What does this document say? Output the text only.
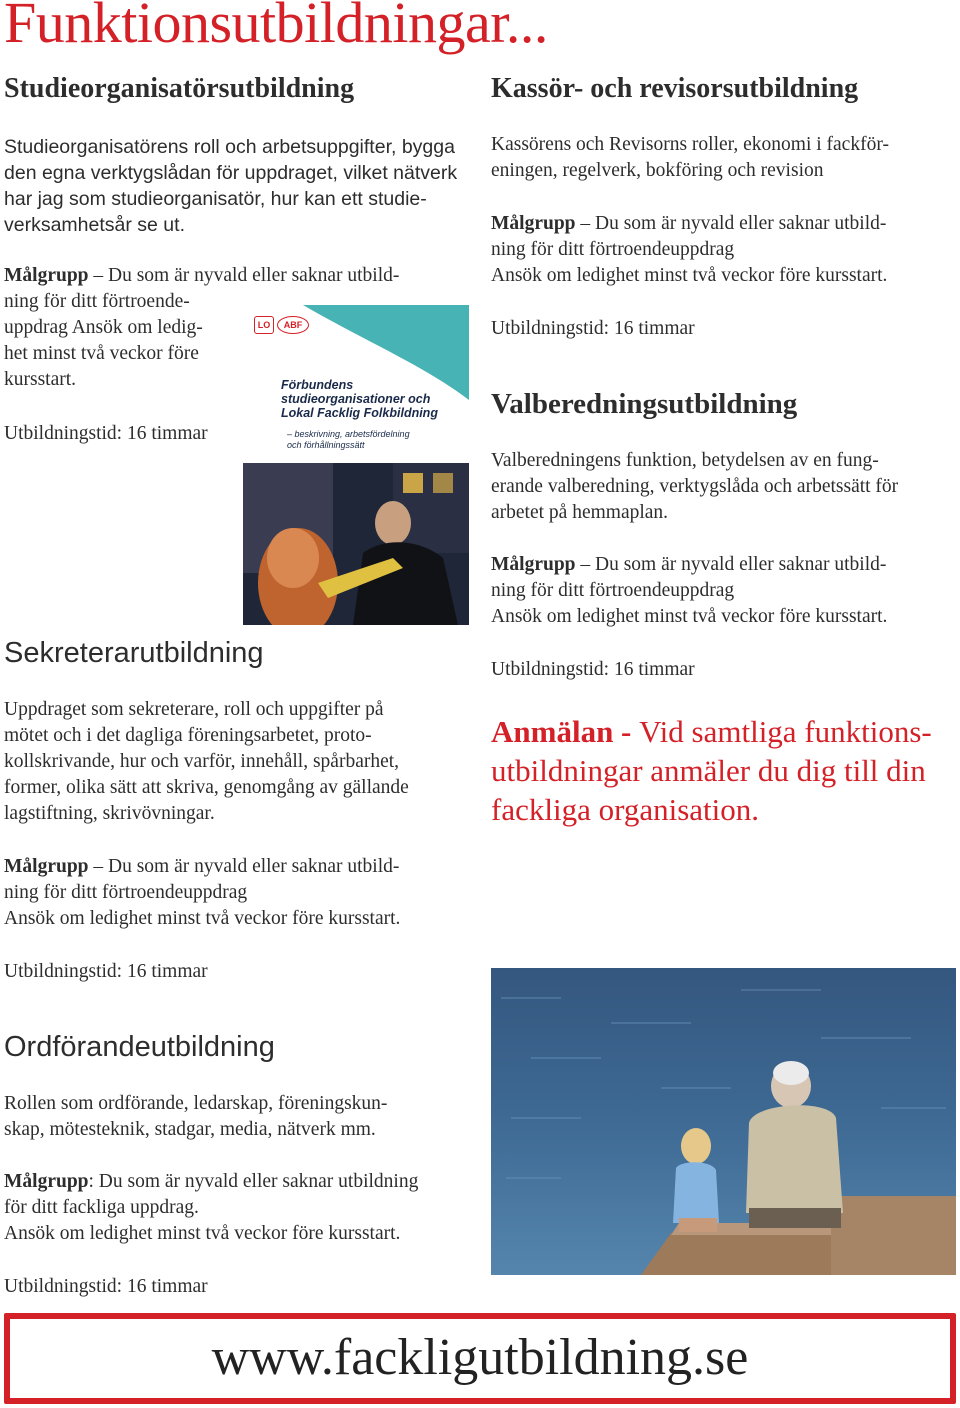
Funktionsutbildningar...
Studieorganisatörsutbildning

Studieorganisatörens roll och arbetsuppgifter, bygga

den egna verktygslådan för uppdraget, vilket nätverk

har jag som studieorganisatör, hur kan ett studie-

verksamhetsår se ut.

Målgrupp – Du som är nyvald eller saknar utbild-

ning för ditt förtroende-

uppdrag Ansök om ledig-

het minst två veckor före

kursstart.

Utbildningstid: 16 timmar

LO	ABF
Förbundens
studieorganisationer och
Lokal Facklig Folkbildning
– beskrivning, arbetsfördelning
och förhållningssätt
Sekreterarutbildning

Uppdraget som sekreterare, roll och uppgifter på

mötet och i det dagliga föreningsarbetet, proto-

kollskrivande, hur och varför, innehåll, spårbarhet,

former, olika sätt att skriva, genomgång av gällande

lagstiftning, skrivövningar.

Målgrupp – Du som är nyvald eller saknar utbild-

ning för ditt förtroendeuppdrag

Ansök om ledighet minst två veckor före kursstart.

Utbildningstid: 16 timmar

Ordförandeutbildning

Rollen som ordförande, ledarskap, föreningskun-

skap, mötesteknik, stadgar, media, nätverk mm.

Målgrupp: Du som är nyvald eller saknar utbildning

för ditt fackliga uppdrag.

Ansök om ledighet minst två veckor före kursstart.

Utbildningstid: 16 timmar

Kassör- och revisorsutbildning

Kassörens och Revisorns roller, ekonomi i fackför-

eningen, regelverk, bokföring och revision

Målgrupp – Du som är nyvald eller saknar utbild-

ning för ditt förtroendeuppdrag

Ansök om ledighet minst två veckor före kursstart.

Utbildningstid: 16 timmar

Valberedningsutbildning

Valberedningens funktion, betydelsen av en fung-

erande valberedning, verktygslåda och arbetssätt för

arbetet på hemmaplan.

Målgrupp – Du som är nyvald eller saknar utbild-

ning för ditt förtroendeuppdrag

Ansök om ledighet minst två veckor före kursstart.

Utbildningstid: 16 timmar

Anmälan - Vid samtliga funktions-
utbildningar anmäler du dig till din
fackliga organisation.
www.fackligutbildning.se
